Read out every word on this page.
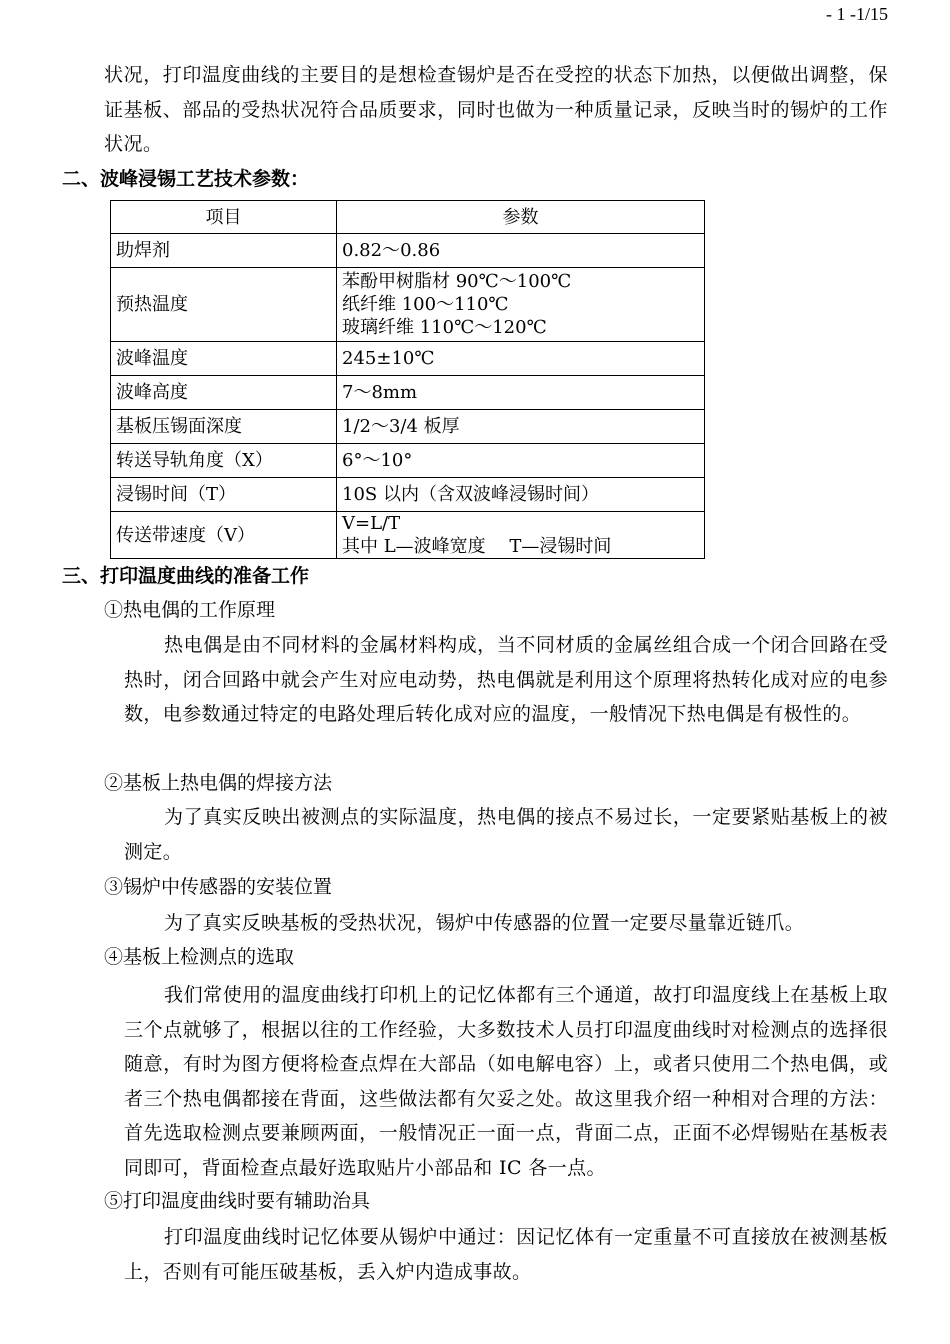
- 1 -1/15
状况，打印温度曲线的主要目的是想检查锡炉是否在受控的状态下加热，以便做出调整，保证基板、部品的受热状况符合品质要求，同时也做为一种质量记录，反映当时的锡炉的工作状况。
二、波峰浸锡工艺技术参数：
项目	参数
助焊剂	0.82～0.86

预热温度	苯酚甲树脂材 90℃～100℃
纸纤维 100～110℃
玻璃纤维 110℃～120℃

波峰温度	245±10℃

波峰高度	7～8mm

基板压锡面深度	1/2～3/4 板厚

转送导轨角度（X）	6°～10°

浸锡时间（T）	10S 以内（含双波峰浸锡时间）

传送带速度（V）	V=L/T
其中 L—波峰宽度　 T—浸锡时间
三、打印温度曲线的准备工作
①热电偶的工作原理
热电偶是由不同材料的金属材料构成，当不同材质的金属丝组合成一个闭合回路在受热时，闭合回路中就会产生对应电动势，热电偶就是利用这个原理将热转化成对应的电参数，电参数通过特定的电路处理后转化成对应的温度，一般情况下热电偶是有极性的。
②基板上热电偶的焊接方法
为了真实反映出被测点的实际温度，热电偶的接点不易过长，一定要紧贴基板上的被测定。
③锡炉中传感器的安装位置
为了真实反映基板的受热状况，锡炉中传感器的位置一定要尽量靠近链爪。
④基板上检测点的选取
我们常使用的温度曲线打印机上的记忆体都有三个通道，故打印温度线上在基板上取三个点就够了，根据以往的工作经验，大多数技术人员打印温度曲线时对检测点的选择很随意，有时为图方便将检查点焊在大部品（如电解电容）上，或者只使用二个热电偶，或者三个热电偶都接在背面，这些做法都有欠妥之处。故这里我介绍一种相对合理的方法：首先选取检测点要兼顾两面，一般情况正一面一点，背面二点，正面不必焊锡贴在基板表同即可，背面检查点最好选取贴片小部品和 IC 各一点。
⑤打印温度曲线时要有辅助治具
打印温度曲线时记忆体要从锡炉中通过：因记忆体有一定重量不可直接放在被测基板上，否则有可能压破基板，丢入炉内造成事故。
